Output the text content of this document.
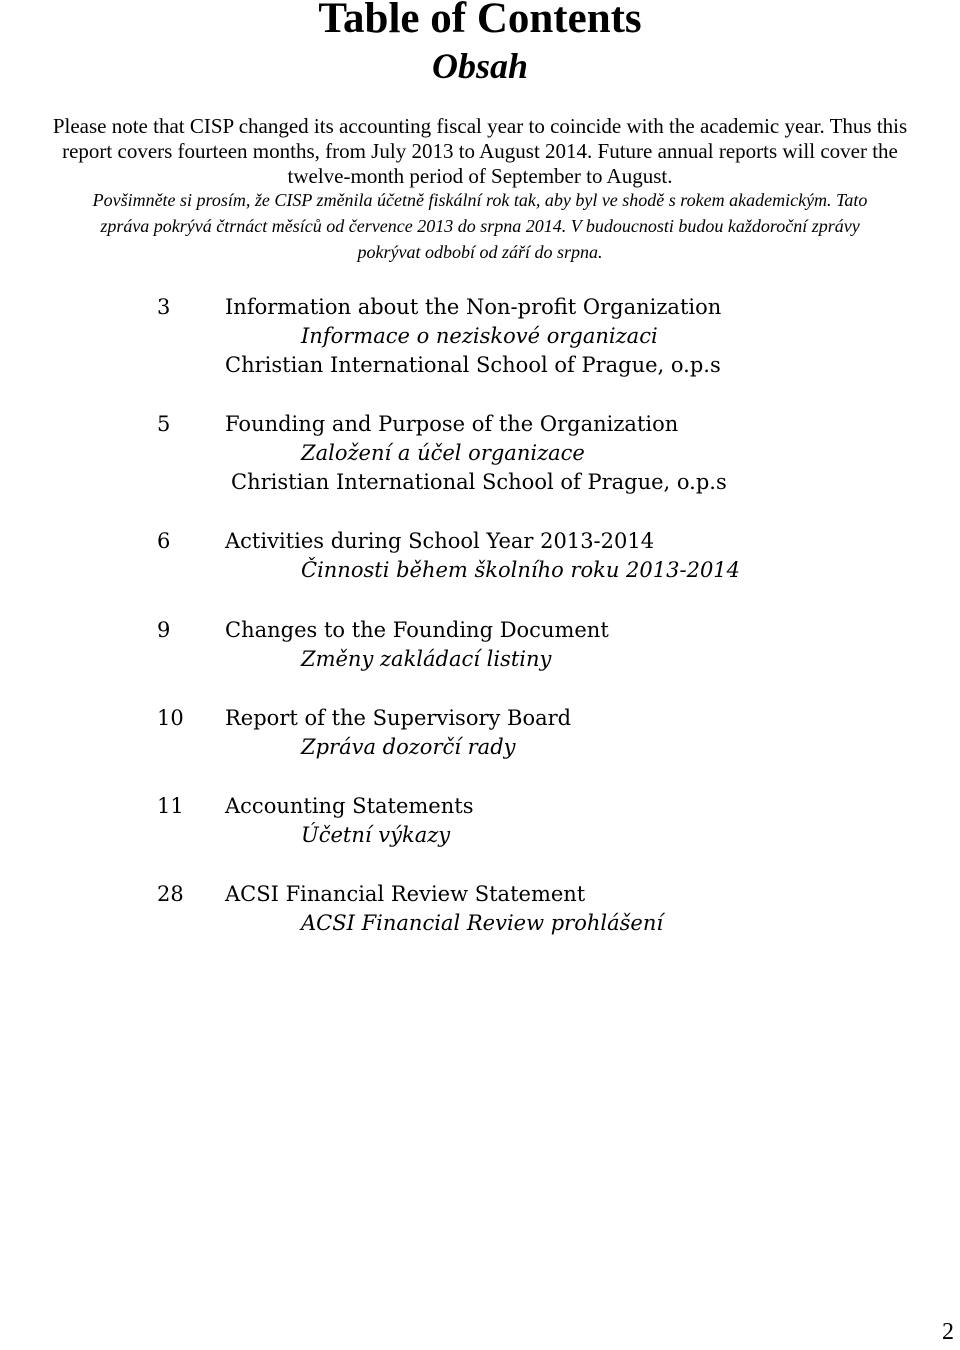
Table of Contents
Obsah
Please note that CISP changed its accounting fiscal year to coincide with the academic year. Thus this
report covers fourteen months, from July 2013 to August 2014. Future annual reports will cover the
twelve-month period of September to August.
Povšimněte si prosím, že CISP změnila účetně fiskální rok tak, aby byl ve shodě s rokem akademickým. Tato
zpráva pokrývá čtrnáct měsíců od července 2013 do srpna 2014. V budoucnosti budou každoroční zprávy
pokrývat odbobí od září do srpna.
3	Information about the Non-profit Organization
Informace o neziskové organizaci
Christian International School of Prague, o.p.s
5	Founding and Purpose of the Organization
Založení a účel organizace
Christian International School of Prague, o.p.s
6	Activities during School Year 2013-2014
Činnosti během školního roku 2013-2014
9	Changes to the Founding Document
Změny zakládací listiny
10 Report of the Supervisory Board
Zpráva dozorčí rady
11 Accounting Statements
Účetní výkazy
28 ACSI Financial Review Statement
ACSI Financial Review prohlášení
2
